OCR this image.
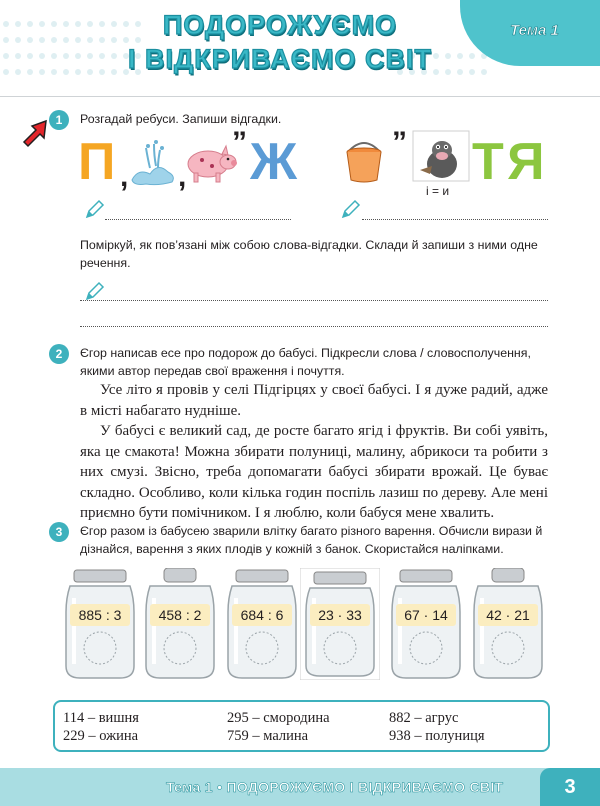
ПОДОРОЖУЄМО
І ВІДКРИВАЄМО СВІТ
Тема 1
1	Розгадай ребуси. Запиши відгадки.
П , ,
” Ж	”
і = и ТЯ
Поміркуй, як пов’язані між собою слова-відгадки. Склади й запиши з ними одне речення.
2	Єгор написав есе про подорож до бабусі. Підкресли слова / словосполучення, якими автор передав свої враження і почуття.

Усе літо я провів у селі Підгірцях у своєї бабусі. І я дуже радий, адже в місті набагато нудніше.

У бабусі є великий сад, де росте багато ягід і фруктів. Ви собі уявіть, яка це смакота! Можна збирати полуниці, малину, абрикоси та робити з них смузі. Звісно, треба допомагати бабусі збирати врожай. Це буває складно. Особливо, коли кілька годин поспіль лазиш по дереву. Але мені приємно бути помічником. І я люблю, коли бабуся мене хвалить.

3	Єгор разом із бабусею зварили влітку багато різного варення. Обчисли вирази й дізнайся, варення з яких плодів у кожній з банок. Скористайся наліпками.
885 : 3	458 : 2	684 : 6	23 · 33	67 · 14	42 · 21
114 – вишня	295 – смородина	882 – агрус
229 – ожина	759 – малина	938 – полуниця
Тема 1 • ПОДОРОЖУЄМО І ВІДКРИВАЄМО СВІТ	3
